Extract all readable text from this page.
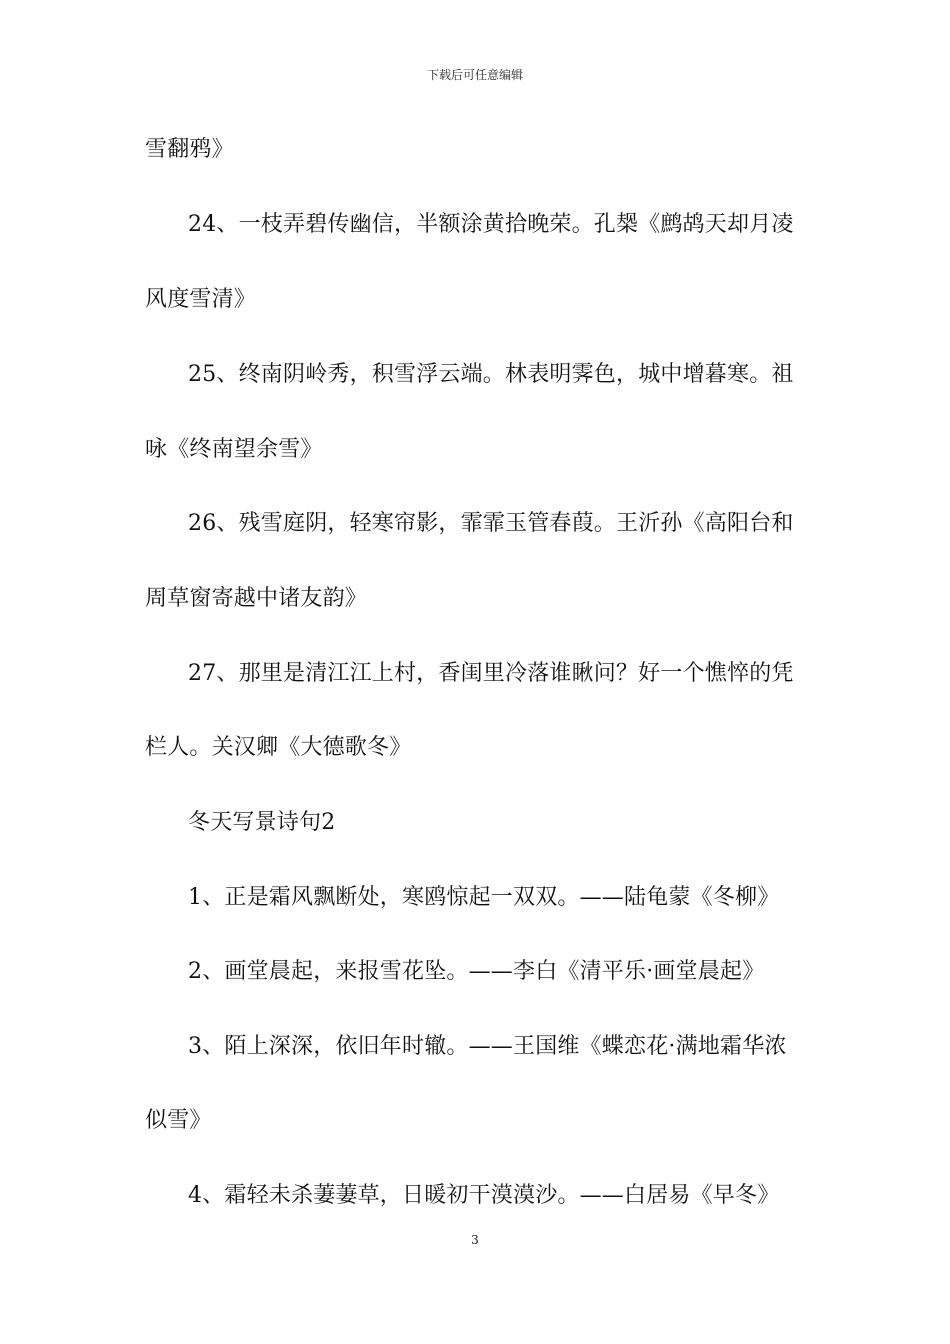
下载后可任意编辑
雪翻鸦》
24、一枝弄碧传幽信，半额涂黄拾晚荣。孔椝《鹧鸪天却月凌
风度雪清》
25、终南阴岭秀，积雪浮云端。林表明霁色，城中增暮寒。祖
咏《终南望余雪》
26、残雪庭阴，轻寒帘影，霏霏玉管春葭。王沂孙《高阳台和
周草窗寄越中诸友韵》
27、那里是清江江上村，香闺里冷落谁瞅问？好一个憔悴的凭
栏人。关汉卿《大德歌冬》
冬天写景诗句2
1、正是霜风飘断处，寒鸥惊起一双双。——陆龟蒙《冬柳》
2、画堂晨起，来报雪花坠。——李白《清平乐·画堂晨起》
3、陌上深深，依旧年时辙。——王国维《蝶恋花·满地霜华浓
似雪》
4、霜轻未杀萋萋草，日暖初干漠漠沙。——白居易《早冬》
3
